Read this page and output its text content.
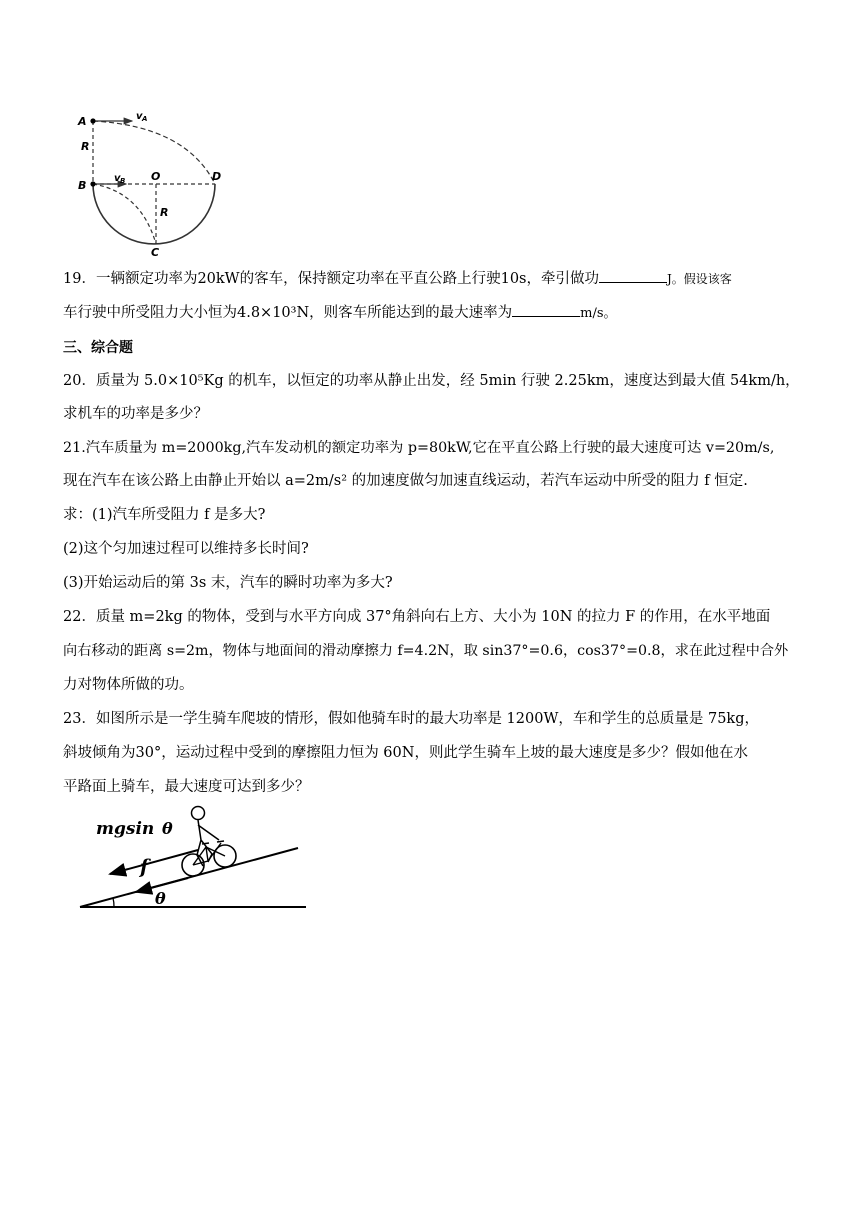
A	v A
R
B
v B O	D
R
C
19．一辆额定功率为20kW的客车，保持额定功率在平直公路上行驶10s，牵引做功	J。假设该客
车行驶中所受阻力大小恒为4.8×10³N，则客车所能达到的最大速率为	m/s。
三、综合题
20．质量为 5.0×10⁵Kg 的机车，以恒定的功率从静止出发，经 5min 行驶 2.25km，速度达到最大值 54km/h，
求机车的功率是多少？
21.汽车质量为 m=2000kg,汽车发动机的额定功率为 p=80kW,它在平直公路上行驶的最大速度可达 v=20m/s,
现在汽车在该公路上由静止开始以 a=2m/s² 的加速度做匀加速直线运动，若汽车运动中所受的阻力 f 恒定.
求：(1)汽车所受阻力 f 是多大?
(2)这个匀加速过程可以维持多长时间?
(3)开始运动后的第 3s 末，汽车的瞬时功率为多大?
22．质量 m=2kg 的物体，受到与水平方向成 37°角斜向右上方、大小为 10N 的拉力 F 的作用，在水平地面
向右移动的距离 s=2m，物体与地面间的滑动摩擦力 f=4.2N，取 sin37°=0.6，cos37°=0.8，求在此过程中合外
力对物体所做的功。
23．如图所示是一学生骑车爬坡的情形，假如他骑车时的最大功率是 1200W，车和学生的总质量是 75kg，
斜坡倾角为30°，运动过程中受到的摩擦阻力恒为 60N，则此学生骑车上坡的最大速度是多少？假如他在水
平路面上骑车，最大速度可达到多少？
mgsin θ
f
θ
